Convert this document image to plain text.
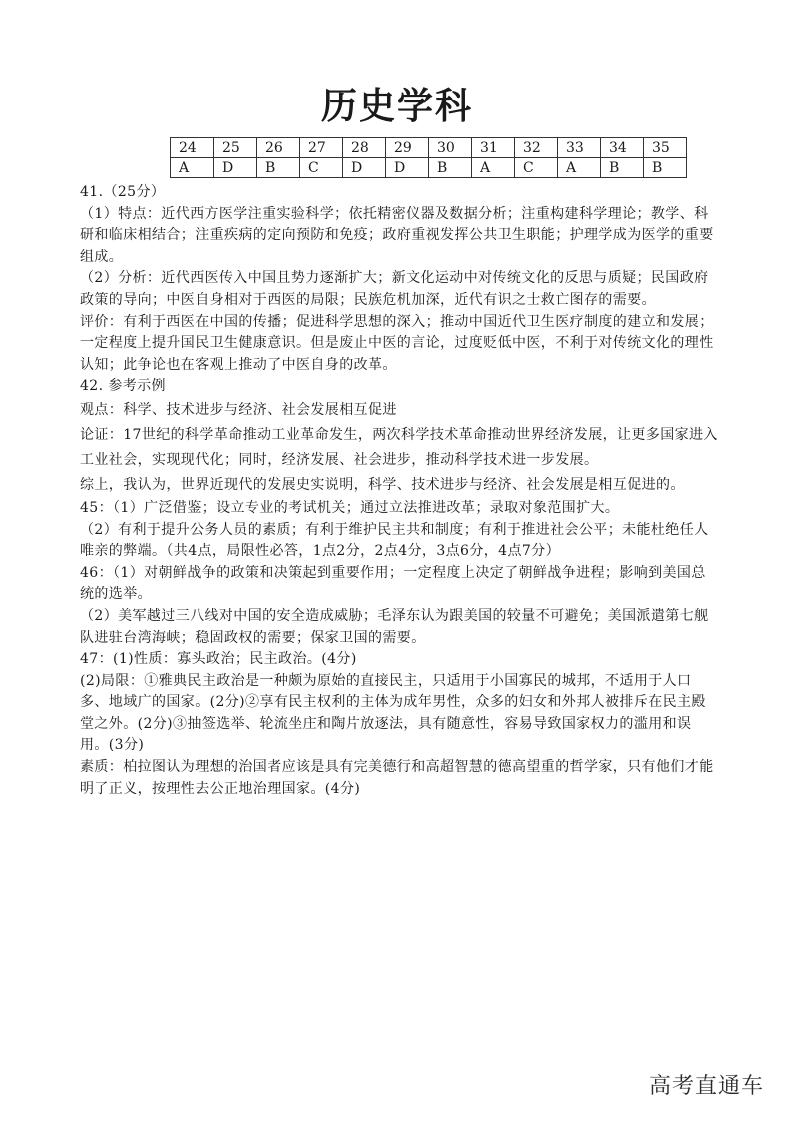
历史学科
24	25	26	27	28	29	30	31	32	33	34	35
A	D	B	C	D	D	B	A	C	A	B	B

41.（25分）

（1）特点：近代西方医学注重实验科学；依托精密仪器及数据分析；注重构建科学理论；教学、科研和临床相结合；注重疾病的定向预防和免疫；政府重视发挥公共卫生职能；护理学成为医学的重要组成。

（2）分析：近代西医传入中国且势力逐渐扩大；新文化运动中对传统文化的反思与质疑；民国政府政策的导向；中医自身相对于西医的局限；民族危机加深，近代有识之士救亡图存的需要。

评价：有利于西医在中国的传播；促进科学思想的深入；推动中国近代卫生医疗制度的建立和发展；一定程度上提升国民卫生健康意识。但是废止中医的言论，过度贬低中医，不利于对传统文化的理性认知；此争论也在客观上推动了中医自身的改革。

42. 参考示例

观点：科学、技术进步与经济、社会发展相互促进

论证：17世纪的科学革命推动工业革命发生，两次科学技术革命推动世界经济发展，让更多国家进入工业社会，实现现代化；同时，经济发展、社会进步，推动科学技术进一步发展。

综上，我认为，世界近现代的发展史实说明，科学、技术进步与经济、社会发展是相互促进的。

45：（1）广泛借鉴；设立专业的考试机关；通过立法推进改革；录取对象范围扩大。

（2）有利于提升公务人员的素质；有利于维护民主共和制度；有利于推进社会公平；未能杜绝任人唯亲的弊端。（共4点，局限性必答，1点2分，2点4分，3点6分，4点7分）

46：（1）对朝鲜战争的政策和决策起到重要作用；一定程度上决定了朝鲜战争进程；影响到美国总统的选举。

（2）美军越过三八线对中国的安全造成威胁；毛泽东认为跟美国的较量不可避免；美国派遣第七舰队进驻台湾海峡；稳固政权的需要；保家卫国的需要。

47：(1)性质：寡头政治；民主政治。(4分)

(2)局限：①雅典民主政治是一种颇为原始的直接民主，只适用于小国寡民的城邦，不适用于人口多、地域广的国家。(2分)②享有民主权利的主体为成年男性，众多的妇女和外邦人被排斥在民主殿堂之外。(2分)③抽签选举、轮流坐庄和陶片放逐法，具有随意性，容易导致国家权力的滥用和误用。(3分)

素质：柏拉图认为理想的治国者应该是具有完美德行和高超智慧的德高望重的哲学家，只有他们才能明了正义，按理性去公正地治理国家。(4分)

高考直通车
